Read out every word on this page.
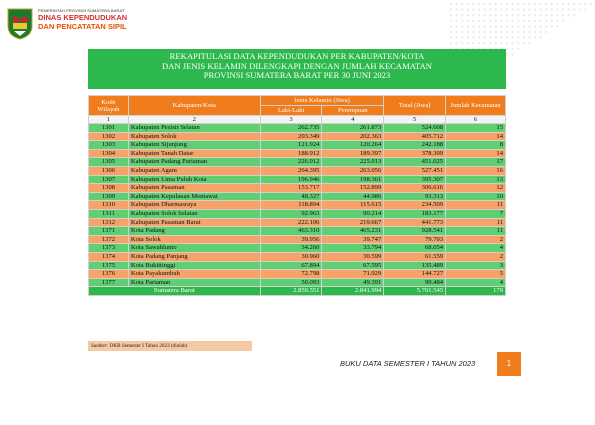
PEMERINTAH PROVINSI SUMATERA BARAT
DINAS KEPENDUDUKAN
DAN PENCATATAN SIPIL
REKAPITULASI DATA KEPENDUDUKAN PER KABUPATEN/KOTA
DAN JENIS KELAMIN DILENGKAPI DENGAN JUMLAH KECAMATAN
PROVINSI SUMATERA BARAT PER 30 JUNI 2023
Kode Wilayah	Kabupaten/Kota	Jenis Kelamin (Jiwa)		Total (Jiwa)	Jumlah Kecamatan
		Laki-Laki	Perempuan		
1	2	3	4	5	6
1301	Kabupaten Pesisir Selatan	262.735	261.873	524.608	15
1302	Kabupaten Solok	203.349	202.363	405.712	14
1303	Kabupaten Sijunjung	121.924	120.264	242.188	8
1304	Kabupaten Tanah Datar	188.912	189.397	378.309	14
1305	Kabupaten Padang Pariaman	226.012	225.013	451.025	17
1306	Kabupaten Agam	264.395	263.056	527.451	16
1307	Kabupaten Lima Puluh Kota	196.946	198.361	395.307	13
1308	Kabupaten Pasaman	153.717	152.899	306.616	12
1309	Kabupaten Kepulauan Mentawai	48.327	44.986	93.313	10
1310	Kabupaten Dharmasraya	118.894	115.615	234.509	11
1311	Kabupaten Solok Selatan	92.963	90.214	183.177	7
1312	Kabupaten Pasaman Barat	222.106	219.667	441.773	11
1371	Kota Padang	463.310	465.231	928.541	11
1372	Kota Solok	39.956	39.747	79.703	2
1373	Kota Sawahlunto	34.260	33.794	68.054	4
1374	Kota Padang Panjang	30.960	30.599	61.559	2
1375	Kota Bukittinggi	67.894	67.595	135.489	3
1376	Kota Payakumbuh	72.798	71.929	144.727	5
1377	Kota Pariaman	50.093	49.391	99.484	4
Sumatera Barat		2.859.551	2.841.994	5.701.545	179
Sumber: DKB Semester I Tahun 2023 (diolah)
BUKU DATA SEMESTER I TAHUN 2023	1
